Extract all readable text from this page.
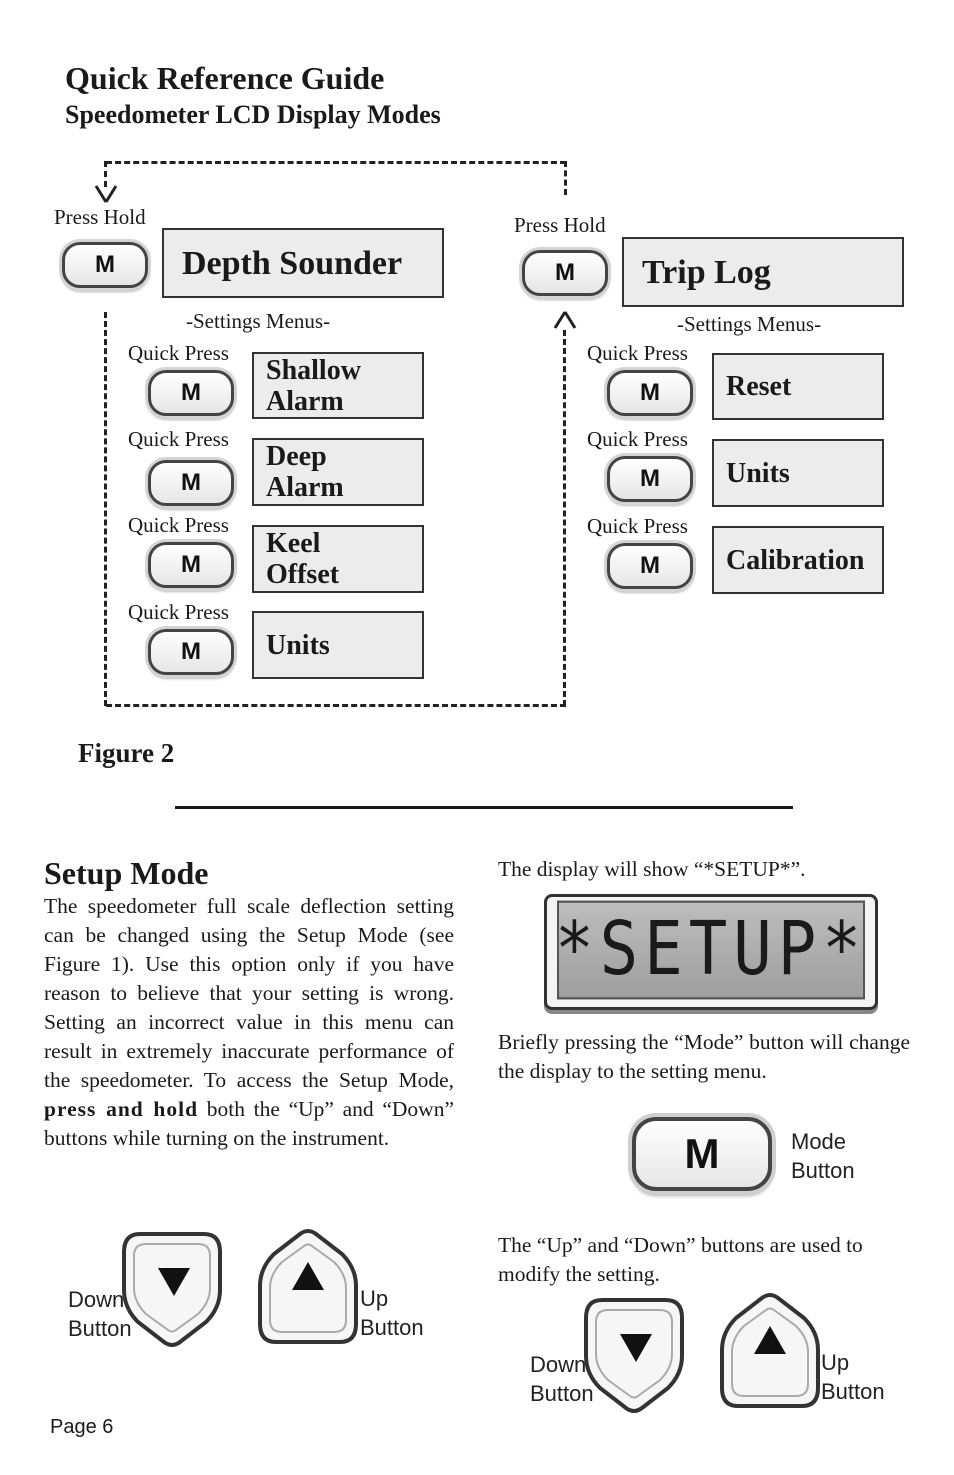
Quick Reference Guide
Speedometer LCD Display Modes
Press Hold
M	Depth Sounder
-Settings Menus-
Quick Press
M
Shallow
Alarm
Quick Press
M
Deep
Alarm
Quick Press
M
Keel
Offset
Quick Press
M	Units
Press Hold
M	Trip Log
-Settings Menus-
Quick Press
M	Reset
Quick Press
M	Units
Quick Press
M	Calibration
Figure 2
Setup Mode
The speedometer full scale deflection setting can be changed using the Setup Mode (see Figure 1). Use this option only if you have reason to believe that your setting is wrong. Setting an incorrect value in this menu can result in extremely inaccurate performance of the speedometer. To access the Setup Mode, press and hold both the “Up” and “Down” buttons while turning on the instrument.
Down
Button
Up
Button
The display will show “*SETUP*”.
*SETUP*
Briefly pressing the “Mode” button will change the display to the setting menu.
M	Mode
Button
The “Up” and “Down” buttons are used to modify the setting.
Down
Button
Up
Button
Page 6
